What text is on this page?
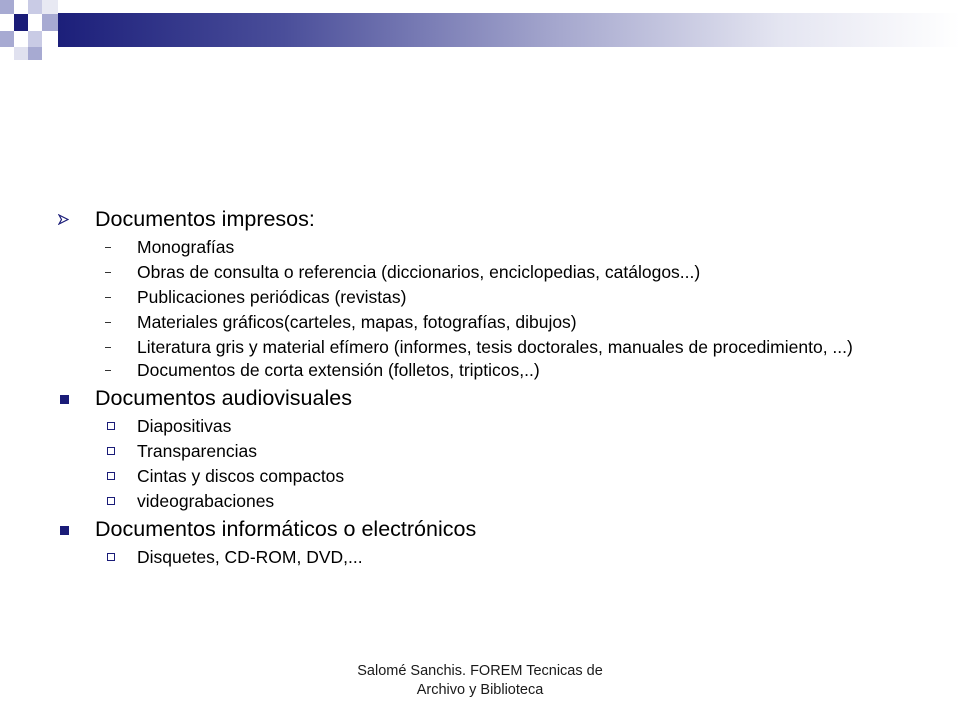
Documentos impresos:
Monografías
Obras de consulta o referencia (diccionarios, enciclopedias, catálogos...)
Publicaciones periódicas (revistas)
Materiales gráficos(carteles, mapas, fotografías, dibujos)
Literatura gris y material efímero (informes, tesis doctorales, manuales de procedimiento, ...)
Documentos de corta extensión (folletos, tripticos,..)
Documentos audiovisuales
Diapositivas
Transparencias
Cintas y discos compactos
videograbaciones
Documentos informáticos o electrónicos
Disquetes, CD-ROM, DVD,...
Salomé Sanchis. FOREM Tecnicas de
Archivo y Biblioteca
